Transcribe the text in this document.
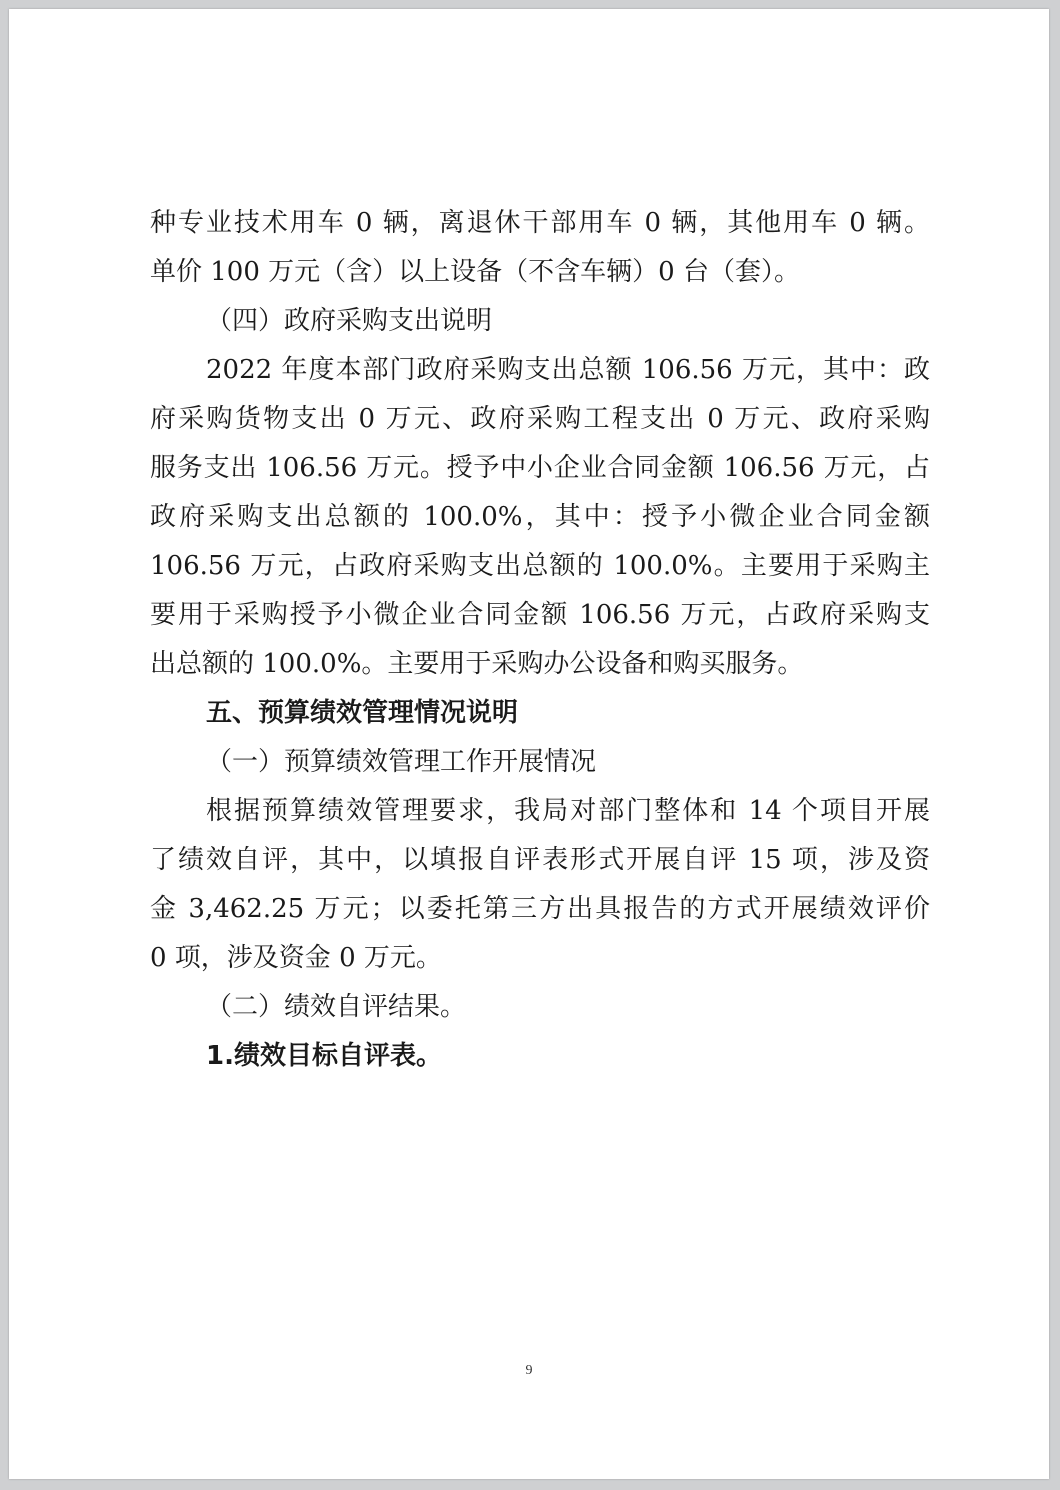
种专业技术用车 0 辆，离退休干部用车 0 辆，其他用车 0 辆。
单价 100 万元（含）以上设备（不含车辆）0 台（套）。
（四）政府采购支出说明
2022 年度本部门政府采购支出总额 106.56 万元，其中：政
府采购货物支出 0 万元、政府采购工程支出 0 万元、政府采购
服务支出 106.56 万元。授予中小企业合同金额 106.56 万元，占
政府采购支出总额的 100.0%，其中：授予小微企业合同金额
106.56 万元，占政府采购支出总额的 100.0%。主要用于采购主
要用于采购授予小微企业合同金额 106.56 万元，占政府采购支
出总额的 100.0%。主要用于采购办公设备和购买服务。
五、预算绩效管理情况说明
（一）预算绩效管理工作开展情况
根据预算绩效管理要求，我局对部门整体和 14 个项目开展
了绩效自评，其中，以填报自评表形式开展自评 15 项，涉及资
金 3,462.25 万元；以委托第三方出具报告的方式开展绩效评价
0 项，涉及资金 0 万元。
（二）绩效自评结果。
1.绩效目标自评表。
9
